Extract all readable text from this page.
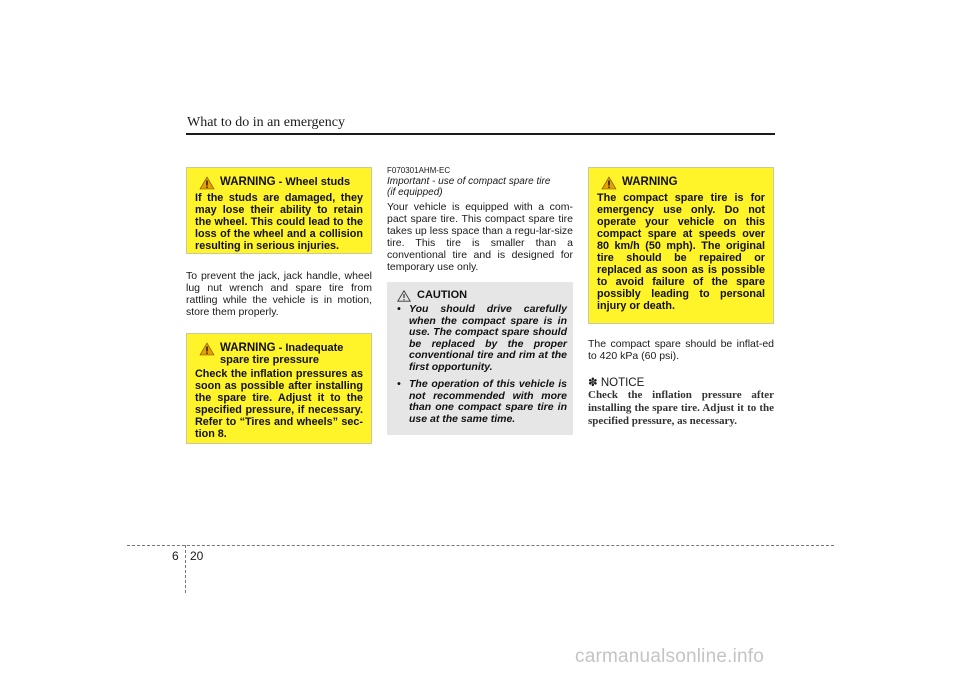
What to do in an emergency
WARNING - Wheel studs
If the studs are damaged, they may lose their ability to retain the wheel. This could lead to the loss of the wheel and a collision resulting in serious injuries.
To prevent the jack, jack handle, wheel lug nut wrench and spare tire from rattling while the vehicle is in motion, store them properly.
WARNING - Inadequate
spare tire pressure
Check the inflation pressures as soon as possible after installing the spare tire. Adjust it to the specified pressure, if necessary. Refer to “Tires and wheels” sec-tion 8.
F070301AHM-EC
Important - use of compact spare tire
(if equipped)
Your vehicle is equipped with a com-pact spare tire. This compact spare tire takes up less space than a regu-lar-size tire. This tire is smaller than a conventional tire and is designed for temporary use only.
CAUTION
• You should drive carefully when the compact spare is in use. The compact spare should be replaced by the proper conventional tire and rim at the first opportunity.
• The operation of this vehicle is not recommended with more than one compact spare tire in use at the same time.
WARNING
The compact spare tire is for emergency use only. Do not operate your vehicle on this compact spare at speeds over 80 km/h (50 mph). The original tire should be repaired or replaced as soon as is possible to avoid failure of the spare possibly leading to personal injury or death.
The compact spare should be inflat-ed to 420 kPa (60 psi).
✽ NOTICE
Check the inflation pressure after installing the spare tire. Adjust it to the specified pressure, as necessary.
6 20
carmanualsonline.info
